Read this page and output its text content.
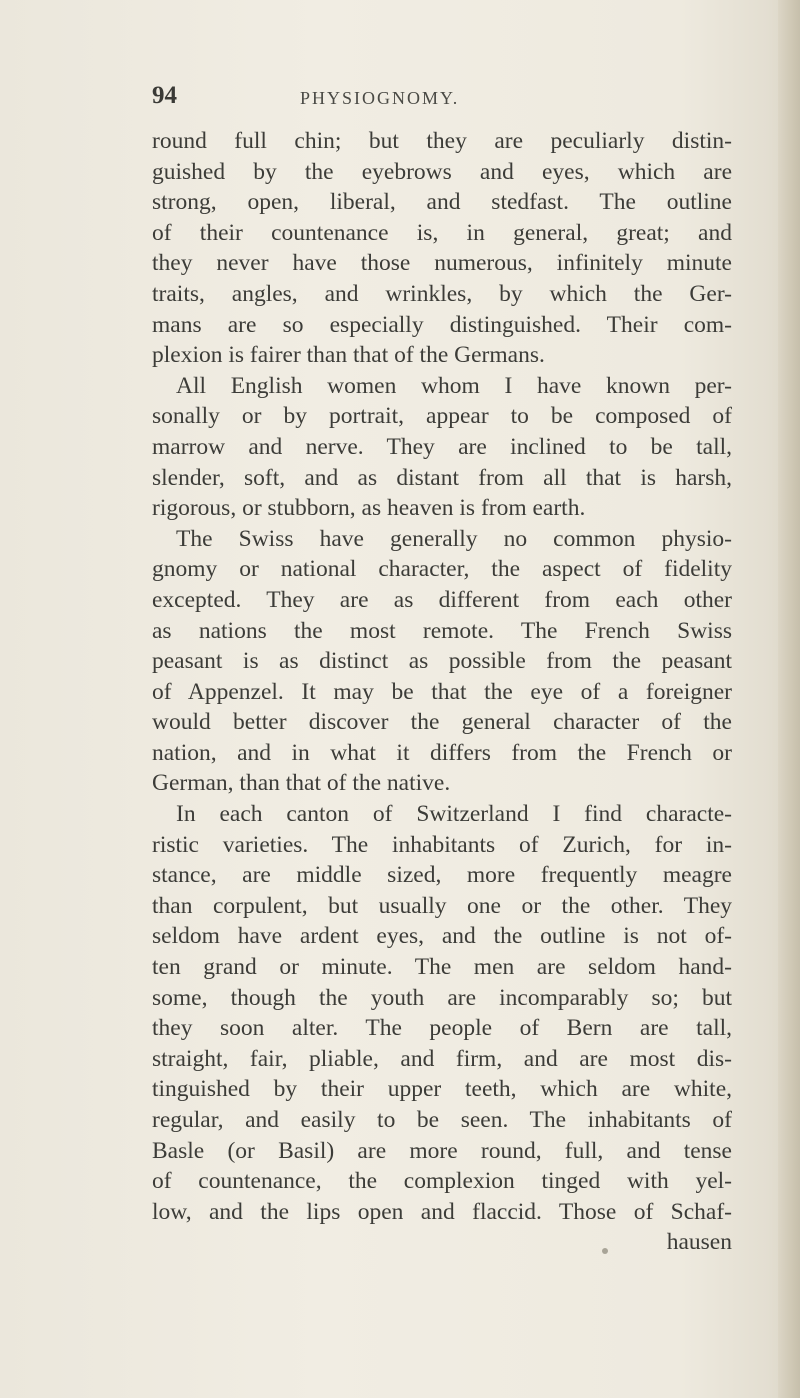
94	PHYSIOGNOMY.
round full chin; but they are peculiarly distin-
guished by the eyebrows and eyes, which are
strong, open, liberal, and stedfast. The outline
of their countenance is, in general, great; and
they never have those numerous, infinitely minute
traits, angles, and wrinkles, by which the Ger-
mans are so especially distinguished. Their com-
plexion is fairer than that of the Germans.
All English women whom I have known per-
sonally or by portrait, appear to be composed of
marrow and nerve. They are inclined to be tall,
slender, soft, and as distant from all that is harsh,
rigorous, or stubborn, as heaven is from earth.
The Swiss have generally no common physio-
gnomy or national character, the aspect of fidelity
excepted. They are as different from each other
as nations the most remote. The French Swiss
peasant is as distinct as possible from the peasant
of Appenzel. It may be that the eye of a foreigner
would better discover the general character of the
nation, and in what it differs from the French or
German, than that of the native.
In each canton of Switzerland I find characte-
ristic varieties. The inhabitants of Zurich, for in-
stance, are middle sized, more frequently meagre
than corpulent, but usually one or the other. They
seldom have ardent eyes, and the outline is not of-
ten grand or minute. The men are seldom hand-
some, though the youth are incomparably so; but
they soon alter. The people of Bern are tall,
straight, fair, pliable, and firm, and are most dis-
tinguished by their upper teeth, which are white,
regular, and easily to be seen. The inhabitants of
Basle (or Basil) are more round, full, and tense
of countenance, the complexion tinged with yel-
low, and the lips open and flaccid. Those of Schaf-
hausen
